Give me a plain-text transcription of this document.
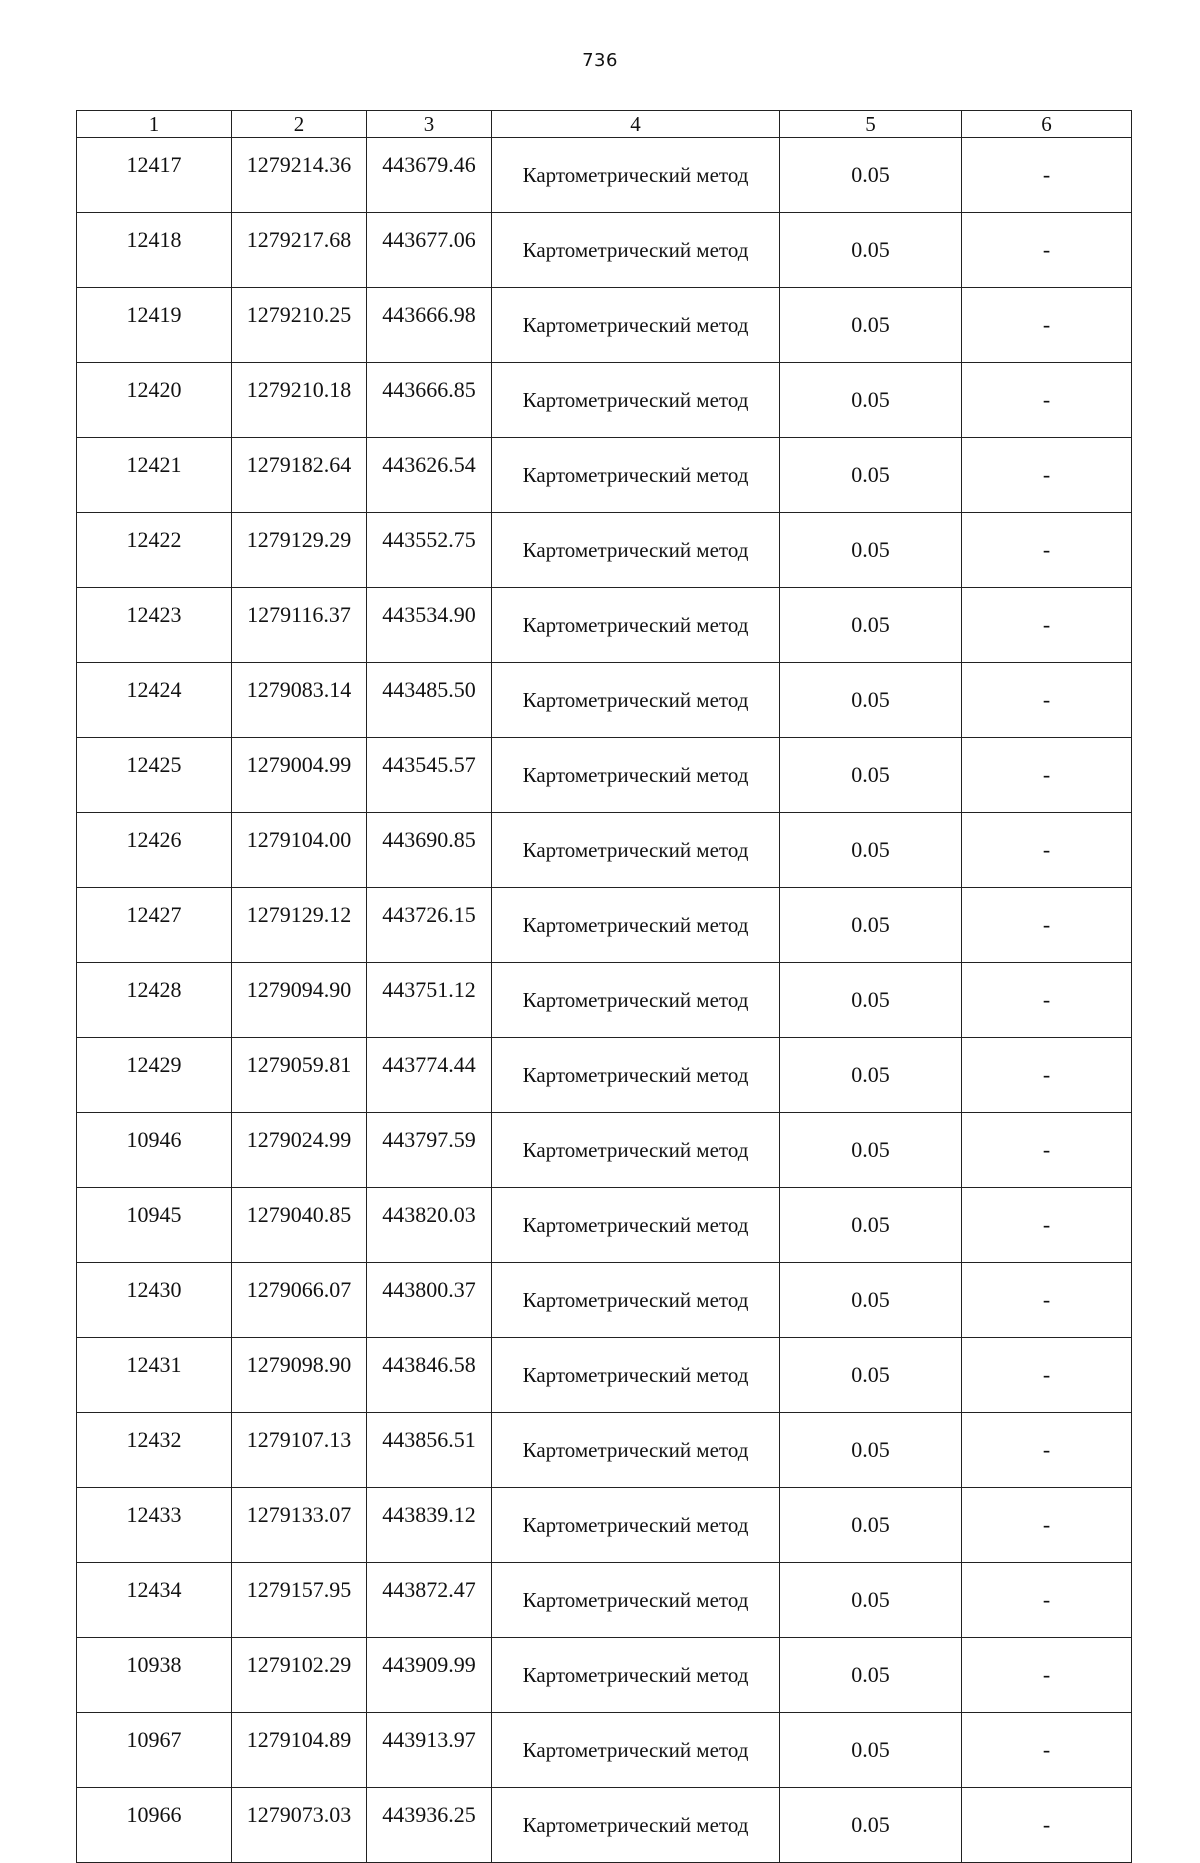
736
1	2	3	4	5	6
12417	1279214.36	443679.46	Картометрический метод	0.05	-
12418	1279217.68	443677.06	Картометрический метод	0.05	-
12419	1279210.25	443666.98	Картометрический метод	0.05	-
12420	1279210.18	443666.85	Картометрический метод	0.05	-
12421	1279182.64	443626.54	Картометрический метод	0.05	-
12422	1279129.29	443552.75	Картометрический метод	0.05	-
12423	1279116.37	443534.90	Картометрический метод	0.05	-
12424	1279083.14	443485.50	Картометрический метод	0.05	-
12425	1279004.99	443545.57	Картометрический метод	0.05	-
12426	1279104.00	443690.85	Картометрический метод	0.05	-
12427	1279129.12	443726.15	Картометрический метод	0.05	-
12428	1279094.90	443751.12	Картометрический метод	0.05	-
12429	1279059.81	443774.44	Картометрический метод	0.05	-
10946	1279024.99	443797.59	Картометрический метод	0.05	-
10945	1279040.85	443820.03	Картометрический метод	0.05	-
12430	1279066.07	443800.37	Картометрический метод	0.05	-
12431	1279098.90	443846.58	Картометрический метод	0.05	-
12432	1279107.13	443856.51	Картометрический метод	0.05	-
12433	1279133.07	443839.12	Картометрический метод	0.05	-
12434	1279157.95	443872.47	Картометрический метод	0.05	-
10938	1279102.29	443909.99	Картометрический метод	0.05	-
10967	1279104.89	443913.97	Картометрический метод	0.05	-
10966	1279073.03	443936.25	Картометрический метод	0.05	-
